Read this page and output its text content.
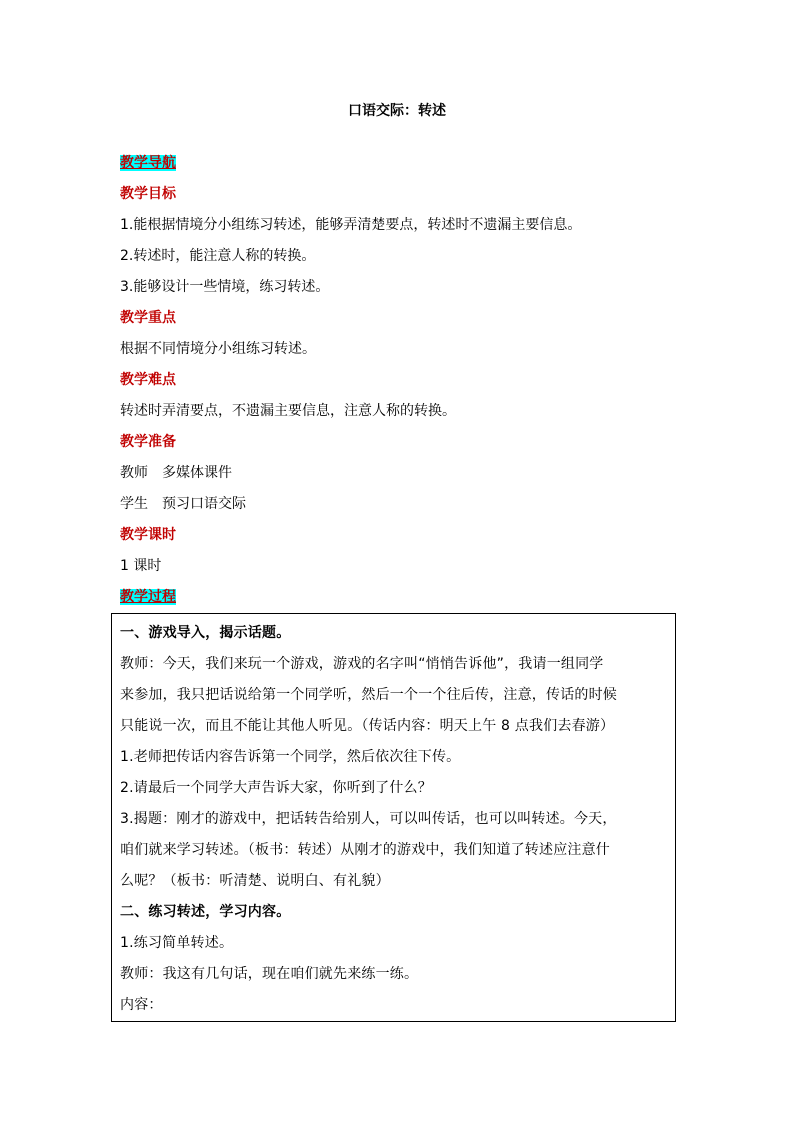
口语交际：转述
教学导航
教学目标
1.能根据情境分小组练习转述，能够弄清楚要点，转述时不遗漏主要信息。
2.转述时，能注意人称的转换。
3.能够设计一些情境，练习转述。
教学重点
根据不同情境分小组练习转述。
教学难点
转述时弄清要点，不遗漏主要信息，注意人称的转换。
教学准备
教师　多媒体课件
学生　预习口语交际
教学课时
1 课时
教学过程
一、游戏导入，揭示话题。
教师：今天，我们来玩一个游戏，游戏的名字叫“悄悄告诉他”，我请一组同学
来参加，我只把话说给第一个同学听，然后一个一个往后传，注意，传话的时候
只能说一次，而且不能让其他人听见。（传话内容：明天上午 8 点我们去春游）
1.老师把传话内容告诉第一个同学，然后依次往下传。
2.请最后一个同学大声告诉大家，你听到了什么？
3.揭题：刚才的游戏中，把话转告给别人，可以叫传话，也可以叫转述。今天，
咱们就来学习转述。（板书：转述）从刚才的游戏中，我们知道了转述应注意什
么呢？（板书：听清楚、说明白、有礼貌）
二、练习转述，学习内容。
1.练习简单转述。
教师：我这有几句话，现在咱们就先来练一练。
内容：
